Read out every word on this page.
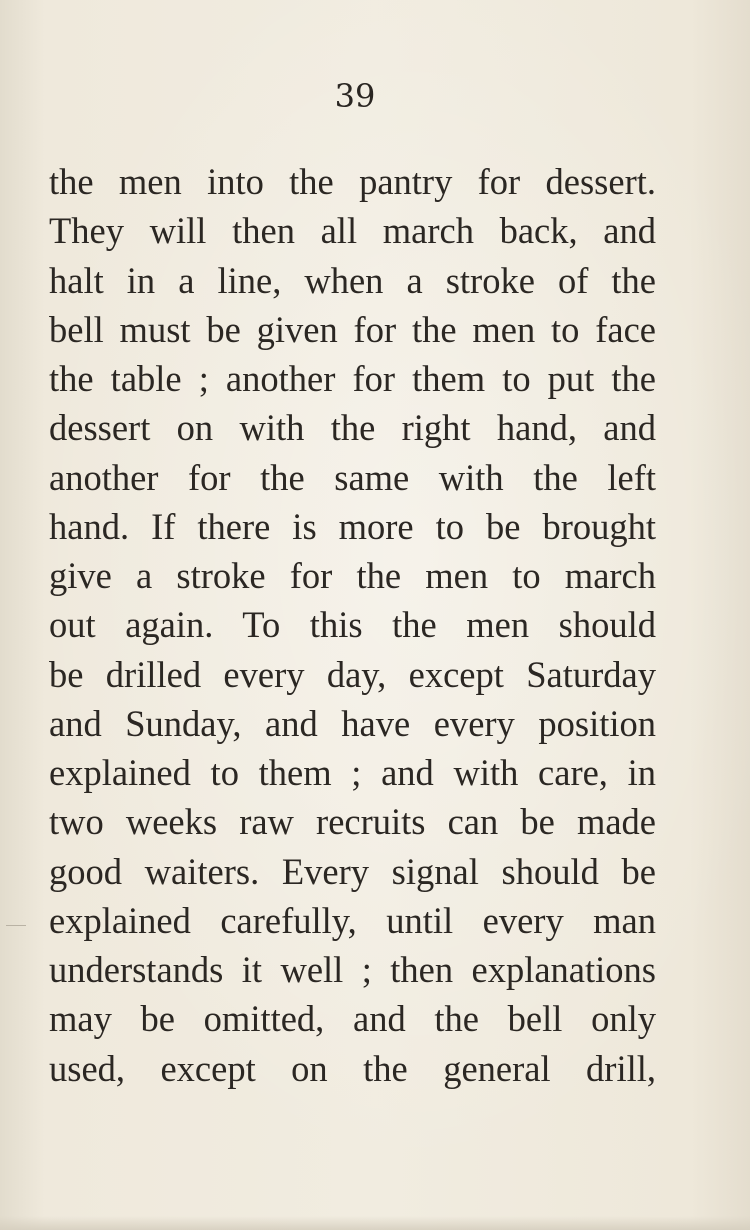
39
the men into the pantry for dessert.
They will then all march back, and
halt in a line, when a stroke of the
bell must be given for the men to face
the table ; another for them to put the
dessert on with the right hand, and
another for the same with the left
hand. If there is more to be brought
give a stroke for the men to march
out again. To this the men should
be drilled every day, except Saturday
and Sunday, and have every position
explained to them ; and with care, in
two weeks raw recruits can be made
good waiters. Every signal should be
explained carefully, until every man
understands it well ; then explanations
may be omitted, and the bell only
used, except on the general drill,
